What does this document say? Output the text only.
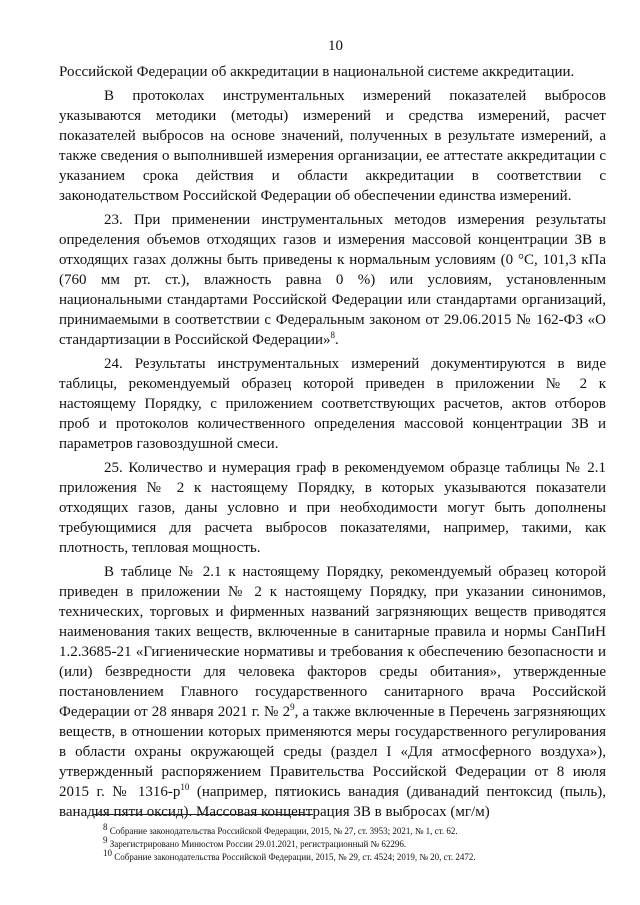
10

Российской Федерации об аккредитации в национальной системе аккредитации.

В протоколах инструментальных измерений показателей выбросов указываются методики (методы) измерений и средства измерений, расчет показателей выбросов на основе значений, полученных в результате измерений, а также сведения о выполнившей измерения организации, ее аттестате аккредитации с указанием срока действия и области аккредитации в соответствии с законодательством Российской Федерации об обеспечении единства измерений.

23. При применении инструментальных методов измерения результаты определения объемов отходящих газов и измерения массовой концентрации ЗВ в отходящих газах должны быть приведены к нормальным условиям (0 °С, 101,3 кПа (760 мм рт. ст.), влажность равна 0 %) или условиям, установленным национальными стандартами Российской Федерации или стандартами организаций, принимаемыми в соответствии с Федеральным законом от 29.06.2015 № 162-ФЗ «О стандартизации в Российской Федерации»$^8$.

24. Результаты инструментальных измерений документируются в виде таблицы, рекомендуемый образец которой приведен в приложении № 2 к настоящему Порядку, с приложением соответствующих расчетов, актов отборов проб и протоколов количественного определения массовой концентрации ЗВ и параметров газовоздушной смеси.

25. Количество и нумерация граф в рекомендуемом образце таблицы № 2.1 приложения № 2 к настоящему Порядку, в которых указываются показатели отходящих газов, даны условно и при необходимости могут быть дополнены требующимися для расчета выбросов показателями, например, такими, как плотность, тепловая мощность.

В таблице № 2.1 к настоящему Порядку, рекомендуемый образец которой приведен в приложении № 2 к настоящему Порядку, при указании синонимов, технических, торговых и фирменных названий загрязняющих веществ приводятся наименования таких веществ, включенные в санитарные правила и нормы СанПиН 1.2.3685-21 «Гигиенические нормативы и требования к обеспечению безопасности и (или) безвредности для человека факторов среды обитания», утвержденные постановлением Главного государственного санитарного врача Российской Федерации от 28 января 2021 г. № $2^9$, а также включенные в Перечень загрязняющих веществ, в отношении которых применяются меры государственного регулирования в области охраны окружающей среды (раздел I «Для атмосферного воздуха»), утвержденный распоряжением Правительства Российской Федерации от 8 июля 2015 г. № $1316-р^{10}$ (например, пятиокись ванадия (диванадий пентоксид (пыль), ванадия пяти оксид). Массовая концентрация ЗВ в выбросах (мг/м)

$^8$ Собрание законодательства Российской Федерации, 2015, № 27, ст. 3953; 2021, № 1, ст. 62.
$^9$ Зарегистрировано Минюстом России 29.01.2021, регистрационный № 62296.
$^{10}$ Собрание законодательства Российской Федерации, 2015, № 29, ст. 4524; 2019, № 20, ст. 2472.
